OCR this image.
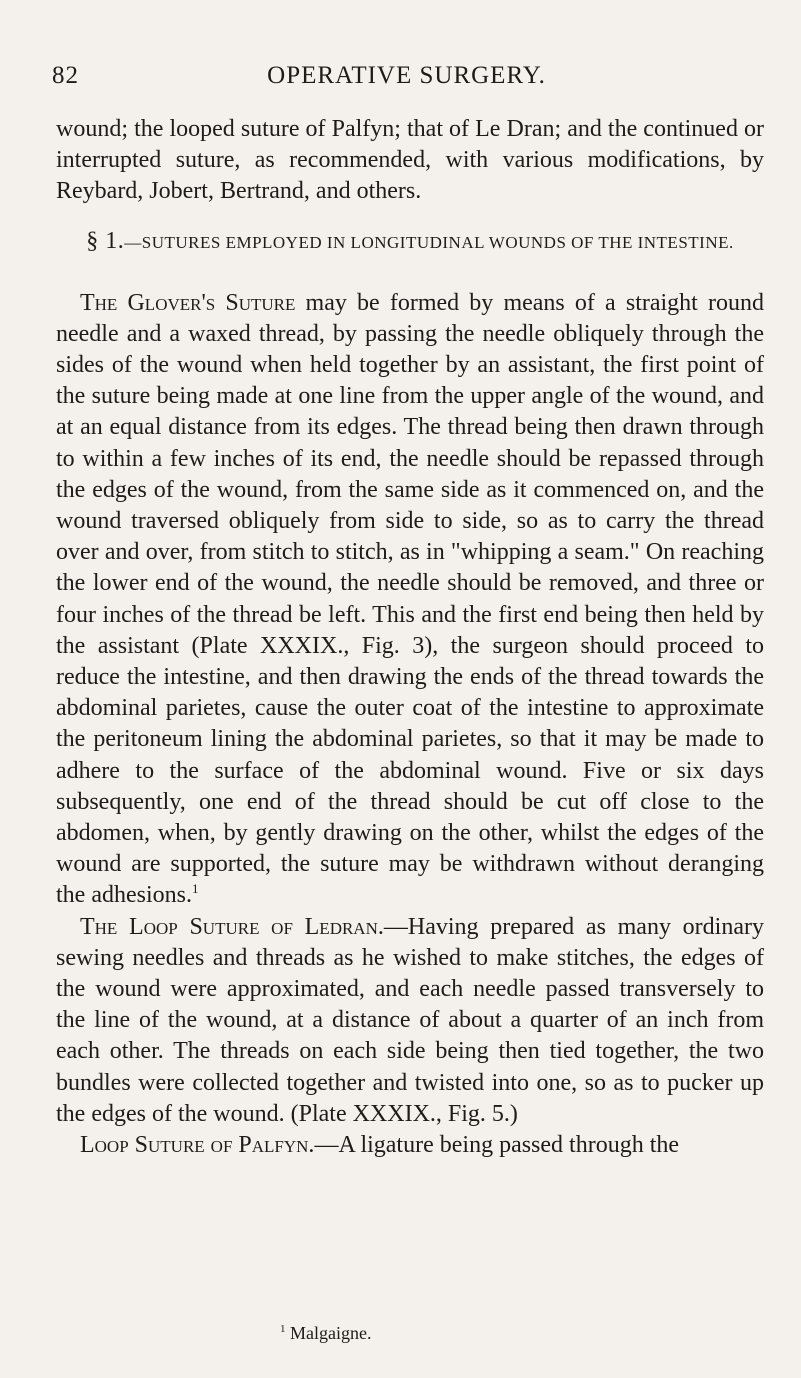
82	OPERATIVE SURGERY.

wound; the looped suture of Palfyn; that of Le Dran; and the continued or interrupted suture, as recommended, with various modifications, by Reybard, Jobert, Bertrand, and others.

§ 1.—SUTURES EMPLOYED IN LONGITUDINAL WOUNDS OF THE INTESTINE.

The Glover's Suture may be formed by means of a straight round needle and a waxed thread, by passing the needle obliquely through the sides of the wound when held together by an assistant, the first point of the suture being made at one line from the upper angle of the wound, and at an equal distance from its edges. The thread being then drawn through to within a few inches of its end, the needle should be repassed through the edges of the wound, from the same side as it commenced on, and the wound traversed obliquely from side to side, so as to carry the thread over and over, from stitch to stitch, as in "whipping a seam." On reaching the lower end of the wound, the needle should be removed, and three or four inches of the thread be left. This and the first end being then held by the assistant (Plate XXXIX., Fig. 3), the surgeon should proceed to reduce the intestine, and then drawing the ends of the thread towards the abdominal parietes, cause the outer coat of the intestine to approximate the peritoneum lining the abdominal parietes, so that it may be made to adhere to the surface of the abdominal wound. Five or six days subsequently, one end of the thread should be cut off close to the abdomen, when, by gently drawing on the other, whilst the edges of the wound are supported, the suture may be withdrawn without deranging the adhesions.$^1$

The Loop Suture of Ledran.—Having prepared as many ordinary sewing needles and threads as he wished to make stitches, the edges of the wound were approximated, and each needle passed transversely to the line of the wound, at a distance of about a quarter of an inch from each other. The threads on each side being then tied together, the two bundles were collected together and twisted into one, so as to pucker up the edges of the wound. (Plate XXXIX., Fig. 5.)

Loop Suture of Palfyn.—A ligature being passed through the

$^1$ Malgaigne.
